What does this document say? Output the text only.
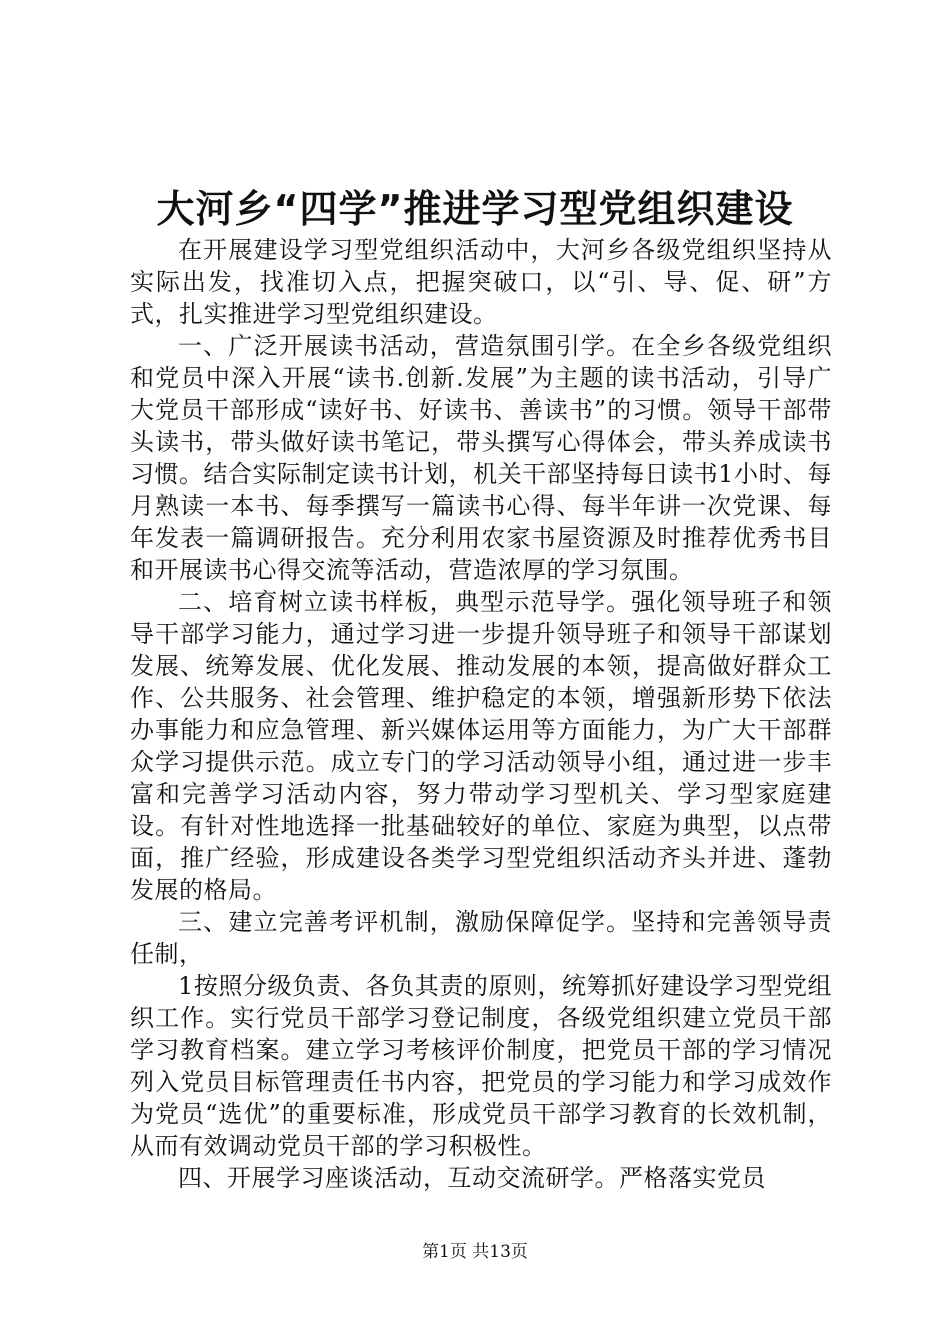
大河乡“四学”推进学习型党组织建设

在开展建设学习型党组织活动中，大河乡各级党组织坚持从实际出发，找准切入点，把握突破口，以“引、导、促、研”方式，扎实推进学习型党组织建设。

一、广泛开展读书活动，营造氛围引学。在全乡各级党组织和党员中深入开展“读书.创新.发展”为主题的读书活动，引导广大党员干部形成“读好书、好读书、善读书”的习惯。领导干部带头读书，带头做好读书笔记，带头撰写心得体会，带头养成读书习惯。结合实际制定读书计划，机关干部坚持每日读书1小时、每月熟读一本书、每季撰写一篇读书心得、每半年讲一次党课、每年发表一篇调研报告。充分利用农家书屋资源及时推荐优秀书目和开展读书心得交流等活动，营造浓厚的学习氛围。

二、培育树立读书样板，典型示范导学。强化领导班子和领导干部学习能力，通过学习进一步提升领导班子和领导干部谋划发展、统筹发展、优化发展、推动发展的本领，提高做好群众工作、公共服务、社会管理、维护稳定的本领，增强新形势下依法办事能力和应急管理、新兴媒体运用等方面能力，为广大干部群众学习提供示范。成立专门的学习活动领导小组，通过进一步丰富和完善学习活动内容，努力带动学习型机关、学习型家庭建设。有针对性地选择一批基础较好的单位、家庭为典型，以点带面，推广经验，形成建设各类学习型党组织活动齐头并进、蓬勃发展的格局。

三、建立完善考评机制，激励保障促学。坚持和完善领导责任制，

1按照分级负责、各负其责的原则，统筹抓好建设学习型党组织工作。实行党员干部学习登记制度，各级党组织建立党员干部学习教育档案。建立学习考核评价制度，把党员干部的学习情况列入党员目标管理责任书内容，把党员的学习能力和学习成效作为党员“选优”的重要标准，形成党员干部学习教育的长效机制，从而有效调动党员干部的学习积极性。

四、开展学习座谈活动，互动交流研学。严格落实党员

第1页 共13页
